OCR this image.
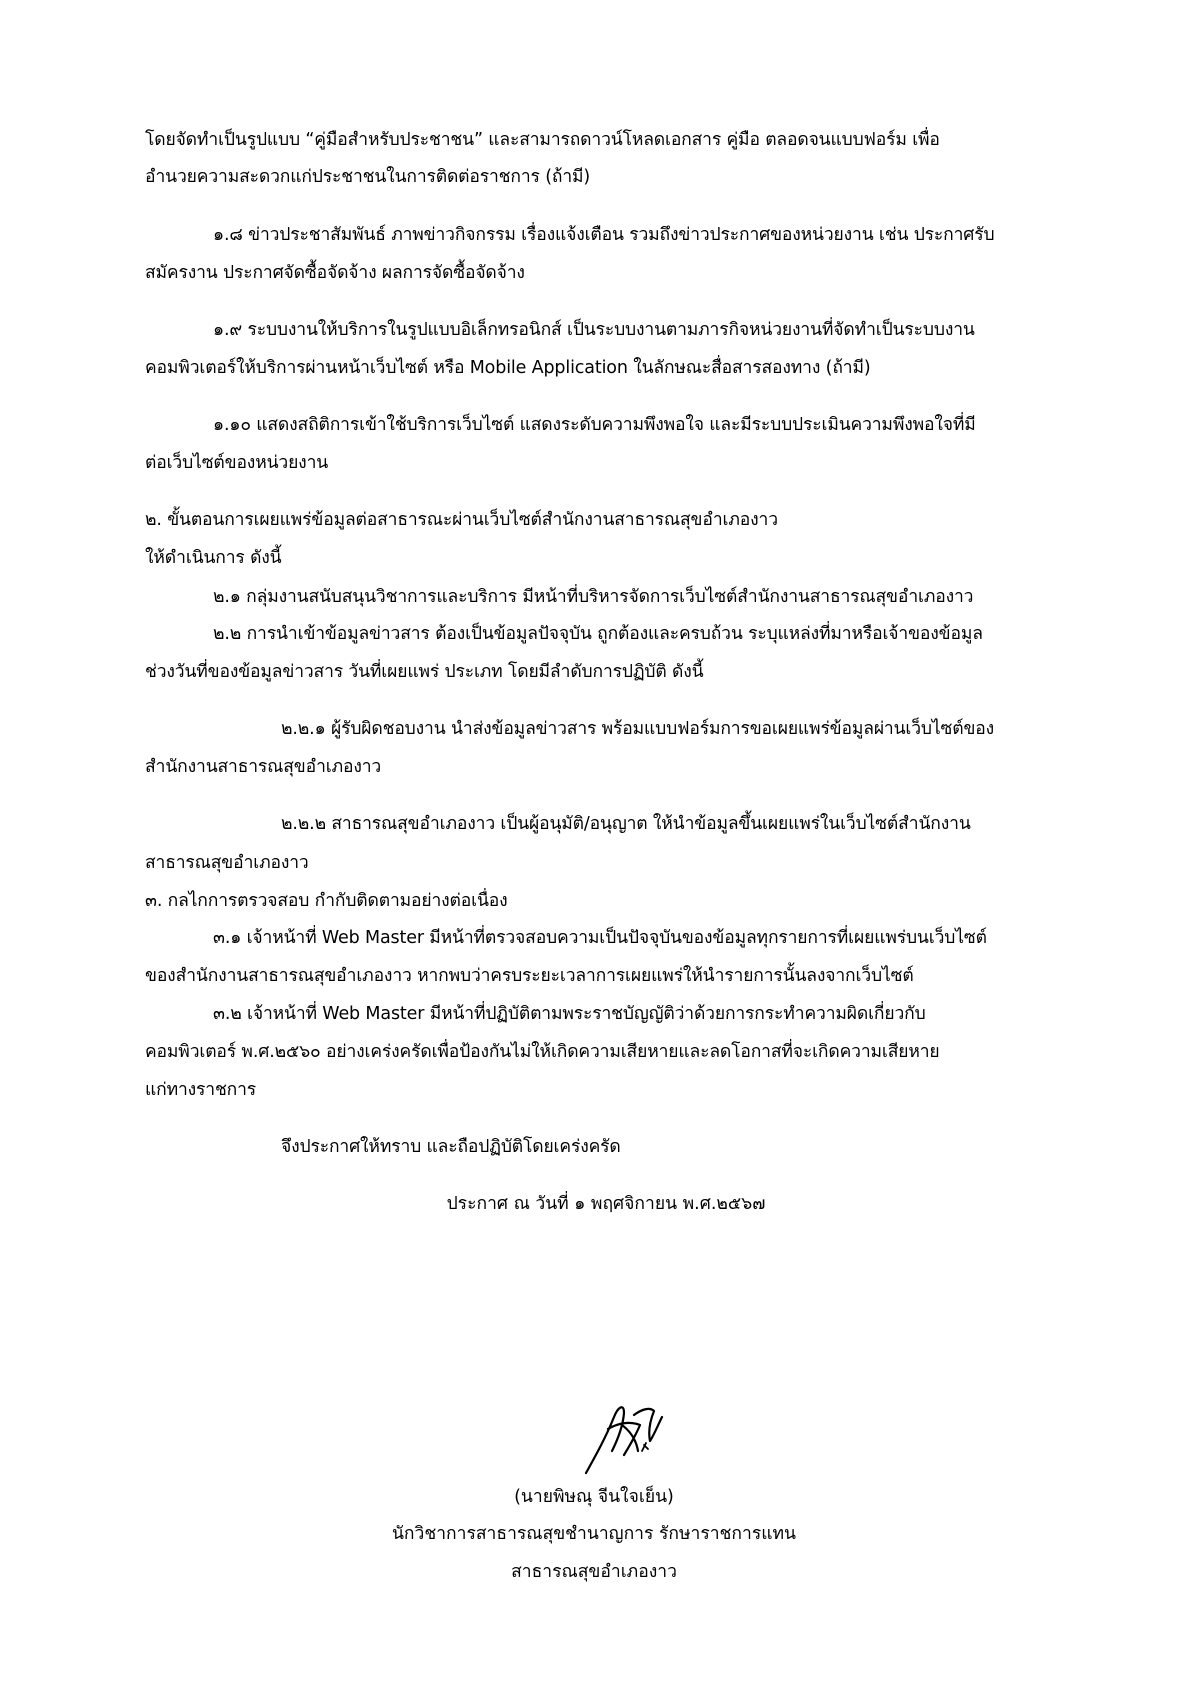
โดยจัดทำเป็นรูปแบบ “คู่มือสำหรับประชาชน” และสามารถดาวน์โหลดเอกสาร คู่มือ ตลอดจนแบบฟอร์ม เพื่อ
อำนวยความสะดวกแก่ประชาชนในการติดต่อราชการ (ถ้ามี)
๑.๘ ข่าวประชาสัมพันธ์ ภาพข่าวกิจกรรม เรื่องแจ้งเตือน รวมถึงข่าวประกาศของหน่วยงาน เช่น ประกาศรับ
สมัครงาน ประกาศจัดซื้อจัดจ้าง ผลการจัดซื้อจัดจ้าง
๑.๙ ระบบงานให้บริการในรูปแบบอิเล็กทรอนิกส์ เป็นระบบงานตามภารกิจหน่วยงานที่จัดทำเป็นระบบงาน
คอมพิวเตอร์ให้บริการผ่านหน้าเว็บไซต์ หรือ Mobile Application ในลักษณะสื่อสารสองทาง (ถ้ามี)
๑.๑๐ แสดงสถิติการเข้าใช้บริการเว็บไซต์ แสดงระดับความพึงพอใจ และมีระบบประเมินความพึงพอใจที่มี
ต่อเว็บไซต์ของหน่วยงาน
๒. ขั้นตอนการเผยแพร่ข้อมูลต่อสาธารณะผ่านเว็บไซต์สำนักงานสาธารณสุขอำเภองาว
ให้ดำเนินการ ดังนี้
๒.๑ กลุ่มงานสนับสนุนวิชาการและบริการ มีหน้าที่บริหารจัดการเว็บไซต์สำนักงานสาธารณสุขอำเภองาว
๒.๒ การนำเข้าข้อมูลข่าวสาร ต้องเป็นข้อมูลปัจจุบัน ถูกต้องและครบถ้วน ระบุแหล่งที่มาหรือเจ้าของข้อมูล
ช่วงวันที่ของข้อมูลข่าวสาร วันที่เผยแพร่ ประเภท โดยมีลำดับการปฏิบัติ ดังนี้
๒.๒.๑ ผู้รับผิดชอบงาน นำส่งข้อมูลข่าวสาร พร้อมแบบฟอร์มการขอเผยแพร่ข้อมูลผ่านเว็บไซต์ของ
สำนักงานสาธารณสุขอำเภองาว
๒.๒.๒ สาธารณสุขอำเภองาว เป็นผู้อนุมัติ/อนุญาต ให้นำข้อมูลขึ้นเผยแพร่ในเว็บไซต์สำนักงาน
สาธารณสุขอำเภองาว
๓. กลไกการตรวจสอบ กำกับติดตามอย่างต่อเนื่อง
๓.๑ เจ้าหน้าที่ Web Master มีหน้าที่ตรวจสอบความเป็นปัจจุบันของข้อมูลทุกรายการที่เผยแพร่บนเว็บไซต์
ของสำนักงานสาธารณสุขอำเภองาว หากพบว่าครบระยะเวลาการเผยแพร่ให้นำรายการนั้นลงจากเว็บไซต์
๓.๒ เจ้าหน้าที่ Web Master มีหน้าที่ปฏิบัติตามพระราชบัญญัติว่าด้วยการกระทำความผิดเกี่ยวกับ
คอมพิวเตอร์ พ.ศ.๒๕๖๐ อย่างเคร่งครัดเพื่อป้องกันไม่ให้เกิดความเสียหายและลดโอกาสที่จะเกิดความเสียหาย
แก่ทางราชการ
จึงประกาศให้ทราบ และถือปฏิบัติโดยเคร่งครัด
ประกาศ ณ วันที่ ๑ พฤศจิกายน พ.ศ.๒๕๖๗
(นายพิษณุ จีนใจเย็น)
นักวิชาการสาธารณสุขชำนาญการ รักษาราชการแทน
สาธารณสุขอำเภองาว
